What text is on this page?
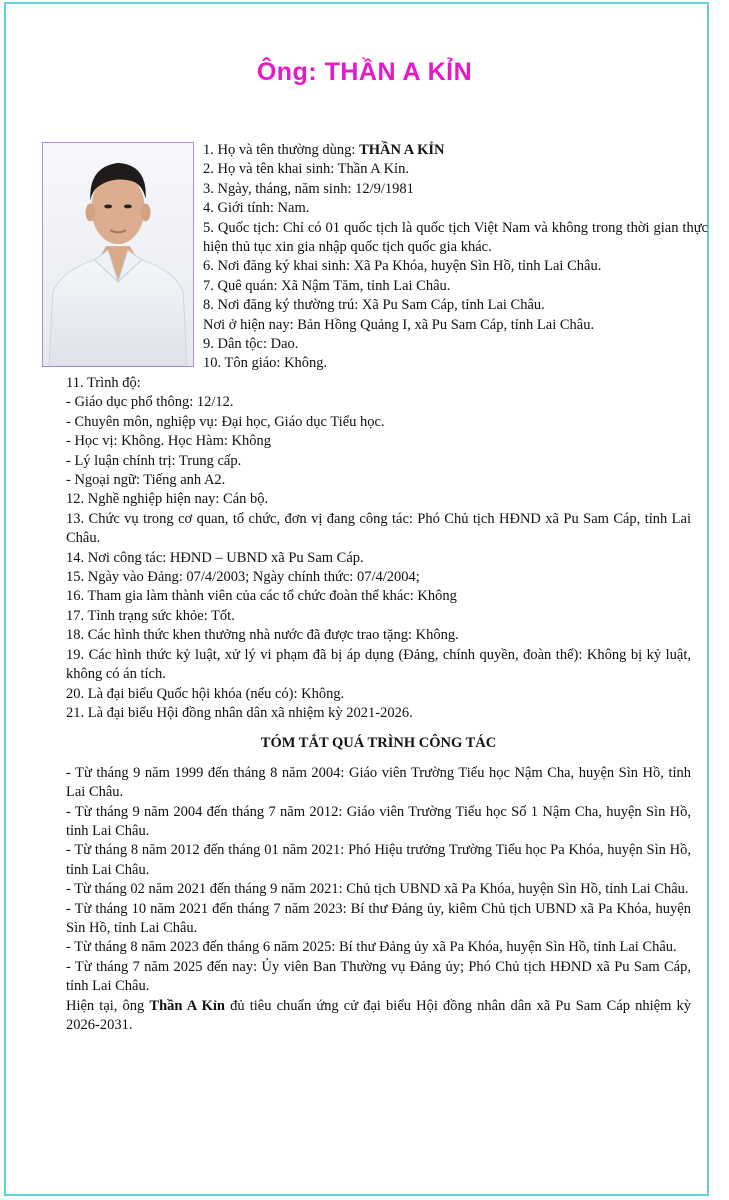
Ông: THẦN A KỈN
1. Họ và tên thường dùng: THẦN A KỈN
2. Họ và tên khai sinh: Thần A Kỉn.
3. Ngày, tháng, năm sinh: 12/9/1981
4. Giới tính: Nam.
5. Quốc tịch: Chỉ có 01 quốc tịch là quốc tịch Việt Nam và không trong thời gian thực hiện thủ tục xin gia nhập quốc tịch quốc gia khác.
6. Nơi đăng ký khai sinh: Xã Pa Khóa, huyện Sìn Hồ, tỉnh Lai Châu.
7. Quê quán: Xã Nậm Tăm, tỉnh Lai Châu.
8. Nơi đăng ký thường trú: Xã Pu Sam Cáp, tỉnh Lai Châu.
Nơi ở hiện nay: Bản Hồng Quảng I, xã Pu Sam Cáp, tỉnh Lai Châu.
9. Dân tộc: Dao.
10. Tôn giáo: Không.
11. Trình độ:
- Giáo dục phổ thông: 12/12.
- Chuyên môn, nghiệp vụ: Đại học, Giáo dục Tiểu học.
- Học vị: Không. Học Hàm: Không
- Lý luận chính trị: Trung cấp.
- Ngoại ngữ: Tiếng anh A2.
12. Nghề nghiệp hiện nay: Cán bộ.
13. Chức vụ trong cơ quan, tổ chức, đơn vị đang công tác: Phó Chủ tịch HĐND xã Pu Sam Cáp, tỉnh Lai Châu.
14. Nơi công tác: HĐND – UBND xã Pu Sam Cáp.
15. Ngày vào Đảng: 07/4/2003; Ngày chính thức: 07/4/2004;
16. Tham gia làm thành viên của các tổ chức đoàn thể khác: Không
17. Tình trạng sức khỏe: Tốt.
18. Các hình thức khen thưởng nhà nước đã được trao tặng: Không.
19. Các hình thức kỷ luật, xử lý vi phạm đã bị áp dụng (Đảng, chính quyền, đoàn thể): Không bị kỷ luật, không có án tích.
20. Là đại biểu Quốc hội khóa (nếu có): Không.
21. Là đại biểu Hội đồng nhân dân xã nhiệm kỳ 2021-2026.
TÓM TẮT QUÁ TRÌNH CÔNG TÁC
- Từ tháng 9 năm 1999 đến tháng 8 năm 2004: Giáo viên Trường Tiểu học Nậm Cha, huyện Sìn Hồ, tỉnh Lai Châu.
- Từ tháng 9 năm 2004 đến tháng 7 năm 2012: Giáo viên Trường Tiểu học Số 1 Nậm Cha, huyện Sìn Hồ, tỉnh Lai Châu.
- Từ tháng 8 năm 2012 đến tháng 01 năm 2021: Phó Hiệu trưởng Trường Tiểu học Pa Khóa, huyện Sìn Hồ, tỉnh Lai Châu.
- Từ tháng 02 năm 2021 đến tháng 9 năm 2021: Chủ tịch UBND xã Pa Khóa, huyện Sìn Hồ, tỉnh Lai Châu.
- Từ tháng 10 năm 2021 đến tháng 7 năm 2023: Bí thư Đảng ủy, kiêm Chủ tịch UBND xã Pa Khóa, huyện Sìn Hồ, tỉnh Lai Châu.
- Từ tháng 8 năm 2023 đến tháng 6 năm 2025: Bí thư Đảng ủy xã Pa Khóa, huyện Sìn Hồ, tỉnh Lai Châu.
- Từ tháng 7 năm 2025 đến nay: Ủy viên Ban Thường vụ Đảng ủy; Phó Chủ tịch HĐND xã Pu Sam Cáp, tỉnh Lai Châu.
Hiện tại, ông Thần A Kỉn đủ tiêu chuẩn ứng cử đại biểu Hội đồng nhân dân xã Pu Sam Cáp nhiệm kỳ 2026-2031.
